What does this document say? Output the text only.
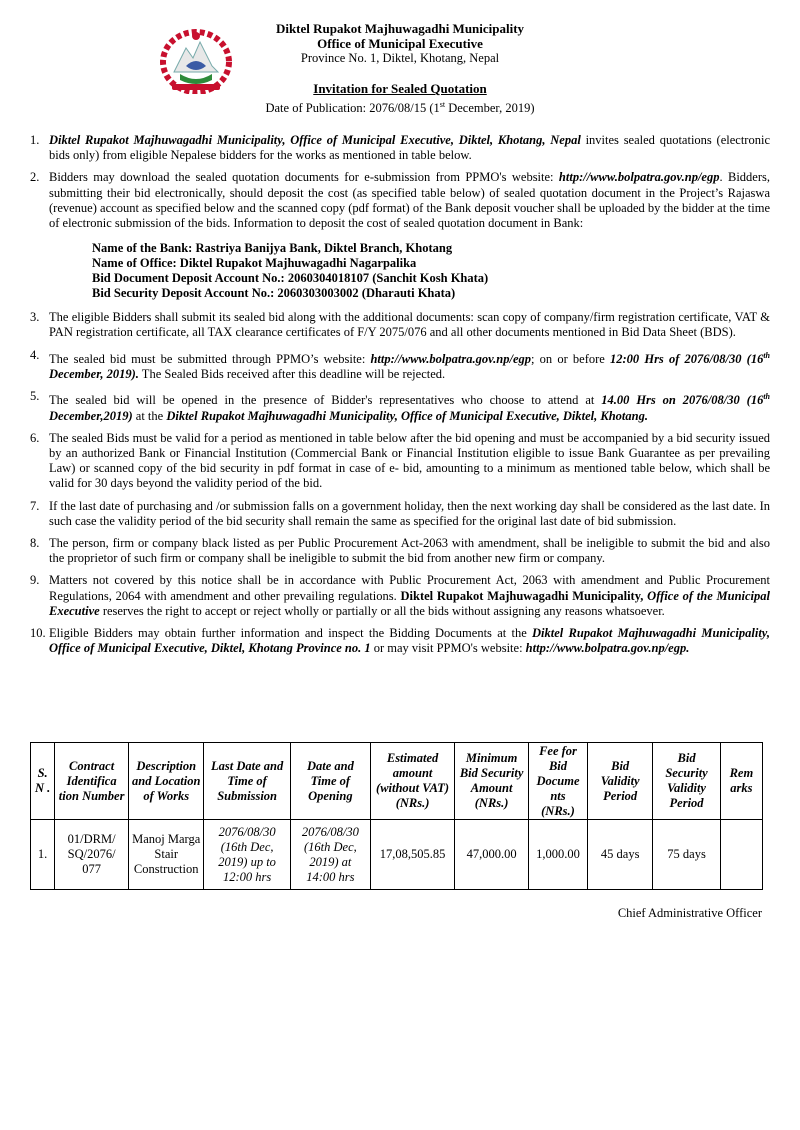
Diktel Rupakot Majhuwagadhi Municipality
Office of Municipal Executive
Province No. 1, Diktel, Khotang, Nepal
Invitation for Sealed Quotation
Date of Publication: 2076/08/15 (1st December, 2019)
1. Diktel Rupakot Majhuwagadhi Municipality, Office of Municipal Executive, Diktel, Khotang, Nepal invites sealed quotations (electronic bids only) from eligible Nepalese bidders for the works as mentioned in table below.
2. Bidders may download the sealed quotation documents for e-submission from PPMO's website: http://www.bolpatra.gov.np/egp. Bidders, submitting their bid electronically, should deposit the cost (as specified table below) of sealed quotation document in the Project’s Rajaswa (revenue) account as specified below and the scanned copy (pdf format) of the Bank deposit voucher shall be uploaded by the bidder at the time of electronic submission of the bids. Information to deposit the cost of sealed quotation document in Bank:
Name of the Bank: Rastriya Banijya Bank, Diktel Branch, Khotang
Name of Office: Diktel Rupakot Majhuwagadhi Nagarpalika
Bid Document Deposit Account No.: 2060304018107 (Sanchit Kosh Khata)
Bid Security Deposit Account No.: 2060303003002 (Dharauti Khata)
3. The eligible Bidders shall submit its sealed bid along with the additional documents: scan copy of company/firm registration certificate, VAT & PAN registration certificate, all TAX clearance certificates of F/Y 2075/076 and all other documents mentioned in Bid Data Sheet (BDS).
4. The sealed bid must be submitted through PPMO’s website: http://www.bolpatra.gov.np/egp; on or before 12:00 Hrs of 2076/08/30 (16th December, 2019). The Sealed Bids received after this deadline will be rejected.
5. The sealed bid will be opened in the presence of Bidder's representatives who choose to attend at 14.00 Hrs on 2076/08/30 (16th December,2019) at the Diktel Rupakot Majhuwagadhi Municipality, Office of Municipal Executive, Diktel, Khotang.
6. The sealed Bids must be valid for a period as mentioned in table below after the bid opening and must be accompanied by a bid security issued by an authorized Bank or Financial Institution (Commercial Bank or Financial Institution eligible to issue Bank Guarantee as per prevailing Law) or scanned copy of the bid security in pdf format in case of e- bid, amounting to a minimum as mentioned table below, which shall be valid for 30 days beyond the validity period of the bid.
7. If the last date of purchasing and /or submission falls on a government holiday, then the next working day shall be considered as the last date. In such case the validity period of the bid security shall remain the same as specified for the original last date of bid submission.
8. The person, firm or company black listed as per Public Procurement Act-2063 with amendment, shall be ineligible to submit the bid and also the proprietor of such firm or company shall be ineligible to submit the bid from another new firm or company.
9. Matters not covered by this notice shall be in accordance with Public Procurement Act, 2063 with amendment and Public Procurement Regulations, 2064 with amendment and other prevailing regulations. Diktel Rupakot Majhuwagadhi Municipality, Office of the Municipal Executive reserves the right to accept or reject wholly or partially or all the bids without assigning any reasons whatsoever.
10. Eligible Bidders may obtain further information and inspect the Bidding Documents at the Diktel Rupakot Majhuwagadhi Municipality, Office of Municipal Executive, Diktel, Khotang Province no. 1 or may visit PPMO's website: http://www.bolpatra.gov.np/egp.
S. N .	Contract Identifica tion Number	Description and Location of Works	Last Date and Time of Submission	Date and Time of Opening	Estimated amount (without VAT) (NRs.)	Minimum Bid Security Amount (NRs.)	Fee for Bid Docume nts (NRs.)	Bid Validity Period	Bid Security Validity Period	Rem arks
1.	01/DRM/ SQ/2076/ 077	Manoj Marga Stair Construction	2076/08/30 (16th Dec, 2019) up to 12:00 hrs	2076/08/30 (16th Dec, 2019) at 14:00 hrs	17,08,505.85	47,000.00	1,000.00	45 days	75 days	
Chief Administrative Officer
